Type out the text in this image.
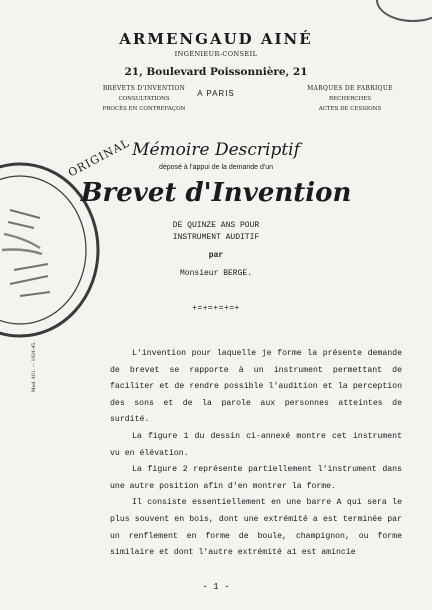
ORIGINAL
ARMENGAUD AINÉ
INGÉNIEUR-CONSEIL
21, Boulevard Poissonnière, 21
A PARIS
BREVETS D'INVENTION
CONSULTATIONS
PROCÈS EN CONTREFAÇON
MARQUES DE FABRIQUE
RECHERCHES
ACTES DE CESSIONS
Mémoire Descriptif
déposé à l'appui de la demande d'un
Brevet d'Invention
DE QUINZE ANS POUR
INSTRUMENT AUDITIF
par
Monsieur BERGE.
+=+=+=+=+
Mod. 401. — 1924-45.	L'invention pour laquelle je forme la présente demande de brevet se rapporte à un instrument permettant de faciliter et de rendre possible l'audition et la perception des sons et de la parole aux personnes atteintes de surdité.

La figure 1 du dessin ci-annexé montre cet instrument vu en élévation.

La figure 2 représente partiellement l'instrument dans une autre position afin d'en montrer la forme.

Il consiste essentiellement en une barre A qui sera le plus souvent en bois, dont une extrémité a est terminée par un renflement en forme de boule, champignon, ou forme similaire et dont l'autre extrémité a1 est amincie

- 1 -
